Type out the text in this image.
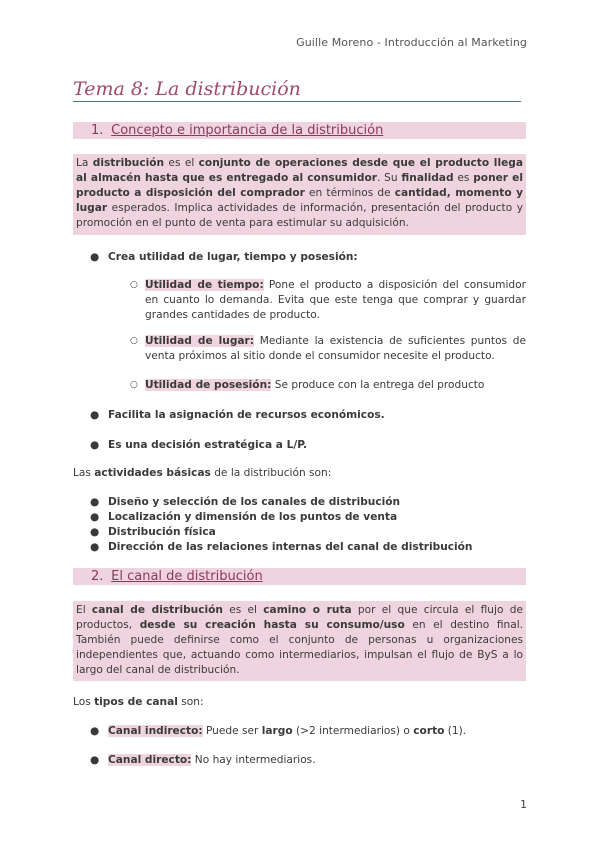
Guille Moreno - Introducción al Marketing
Tema 8: La distribución
1. Concepto e importancia de la distribución
La distribución es el conjunto de operaciones desde que el producto llega al almacén hasta que es entregado al consumidor. Su finalidad es poner el producto a disposición del comprador en términos de cantidad, momento y lugar esperados. Implica actividades de información, presentación del producto y promoción en el punto de venta para estimular su adquisición.
● Crea utilidad de lugar, tiempo y posesión:
○ Utilidad de tiempo: Pone el producto a disposición del consumidor en cuanto lo demanda. Evita que este tenga que comprar y guardar grandes cantidades de producto.
○ Utilidad de lugar: Mediante la existencia de suficientes puntos de venta próximos al sitio donde el consumidor necesite el producto.
○ Utilidad de posesión: Se produce con la entrega del producto
● Facilita la asignación de recursos económicos.
● Es una decisión estratégica a L/P.
Las actividades básicas de la distribución son:
● Diseño y selección de los canales de distribución
● Localización y dimensión de los puntos de venta
● Distribución física
● Dirección de las relaciones internas del canal de distribución
2. El canal de distribución
El canal de distribución es el camino o ruta por el que circula el flujo de productos, desde su creación hasta su consumo/uso en el destino final. También puede definirse como el conjunto de personas u organizaciones independientes que, actuando como intermediarios, impulsan el flujo de ByS a lo largo del canal de distribución.
Los tipos de canal son:
● Canal indirecto: Puede ser largo (>2 intermediarios) o corto (1).
● Canal directo: No hay intermediarios.
1
